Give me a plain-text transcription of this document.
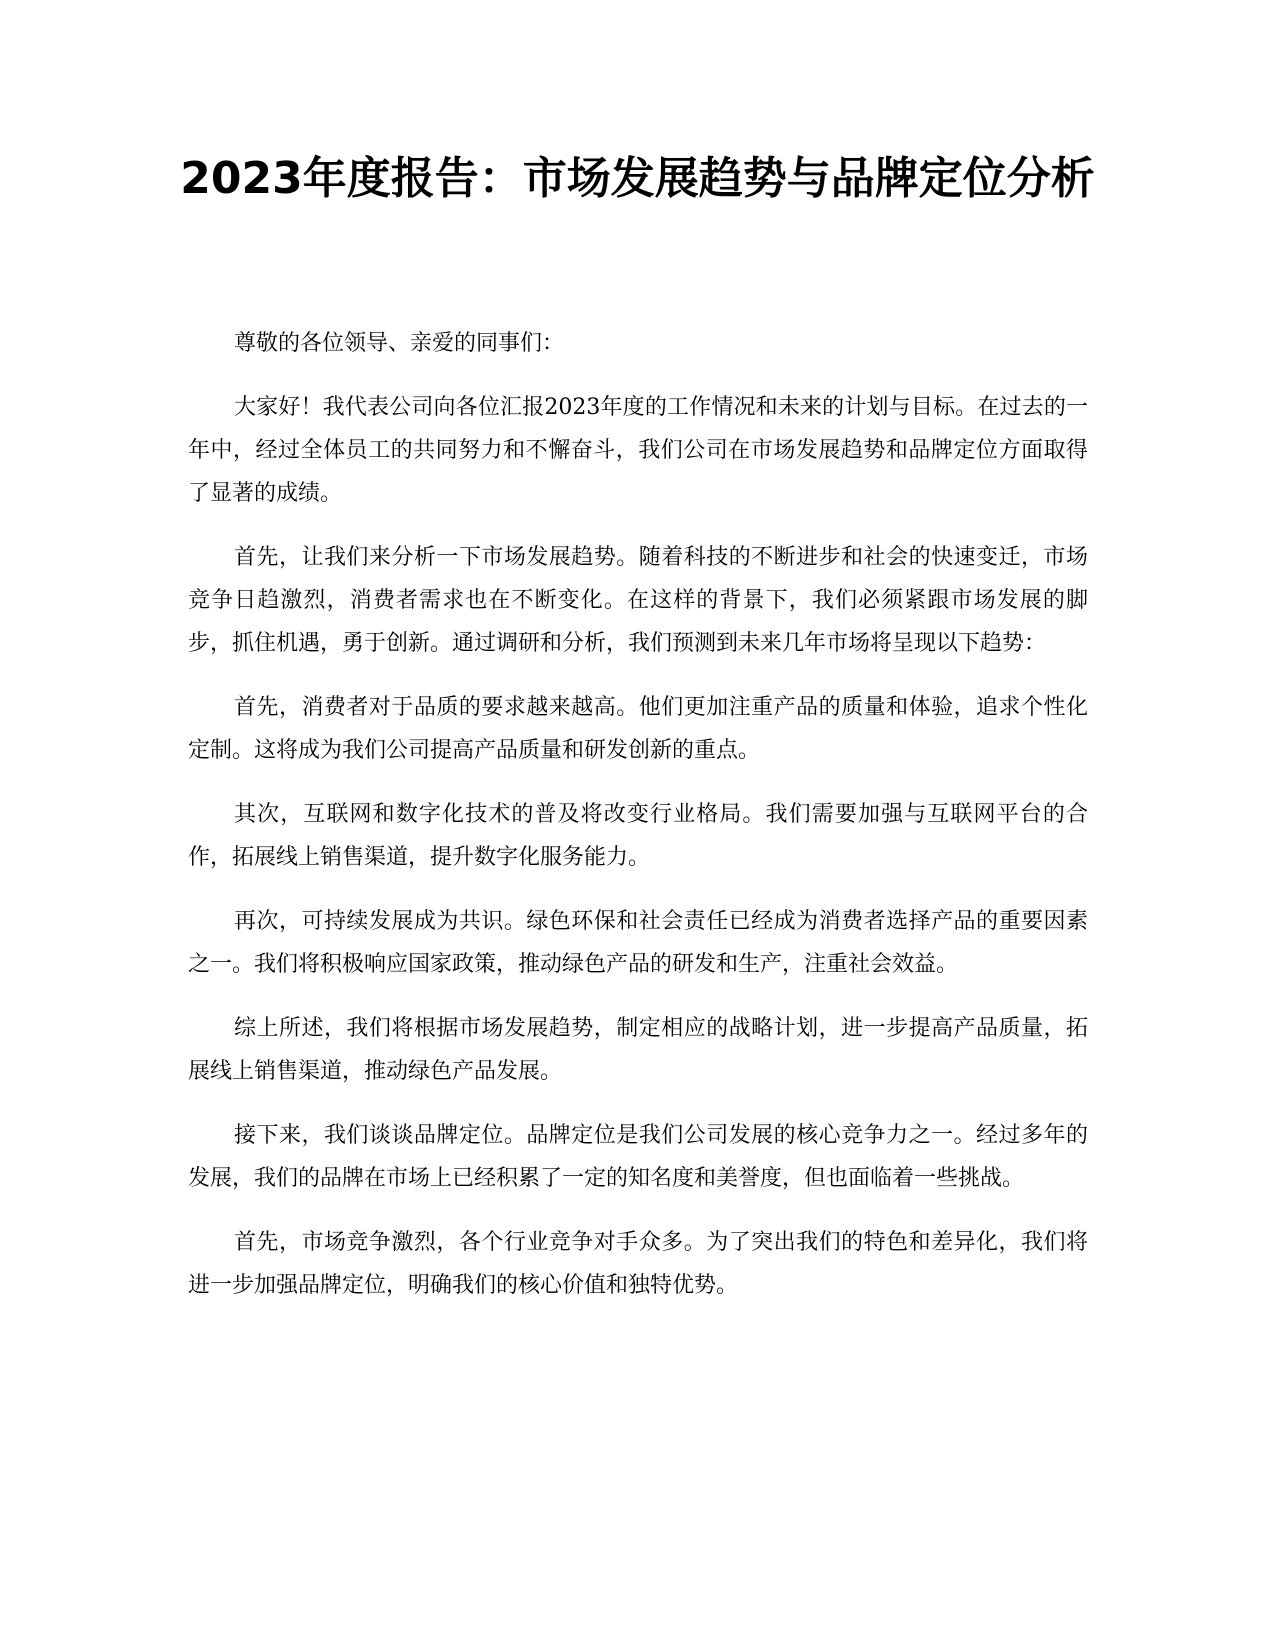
2023年度报告：市场发展趋势与品牌定位分析

尊敬的各位领导、亲爱的同事们：

大家好！我代表公司向各位汇报2023年度的工作情况和未来的计划与目标。在过去的一年中，经过全体员工的共同努力和不懈奋斗，我们公司在市场发展趋势和品牌定位方面取得了显著的成绩。

首先，让我们来分析一下市场发展趋势。随着科技的不断进步和社会的快速变迁，市场竞争日趋激烈，消费者需求也在不断变化。在这样的背景下，我们必须紧跟市场发展的脚步，抓住机遇，勇于创新。通过调研和分析，我们预测到未来几年市场将呈现以下趋势：

首先，消费者对于品质的要求越来越高。他们更加注重产品的质量和体验，追求个性化定制。这将成为我们公司提高产品质量和研发创新的重点。

其次，互联网和数字化技术的普及将改变行业格局。我们需要加强与互联网平台的合作，拓展线上销售渠道，提升数字化服务能力。

再次，可持续发展成为共识。绿色环保和社会责任已经成为消费者选择产品的重要因素之一。我们将积极响应国家政策，推动绿色产品的研发和生产，注重社会效益。

综上所述，我们将根据市场发展趋势，制定相应的战略计划，进一步提高产品质量，拓展线上销售渠道，推动绿色产品发展。

接下来，我们谈谈品牌定位。品牌定位是我们公司发展的核心竞争力之一。经过多年的发展，我们的品牌在市场上已经积累了一定的知名度和美誉度，但也面临着一些挑战。

首先，市场竞争激烈，各个行业竞争对手众多。为了突出我们的特色和差异化，我们将进一步加强品牌定位，明确我们的核心价值和独特优势。
